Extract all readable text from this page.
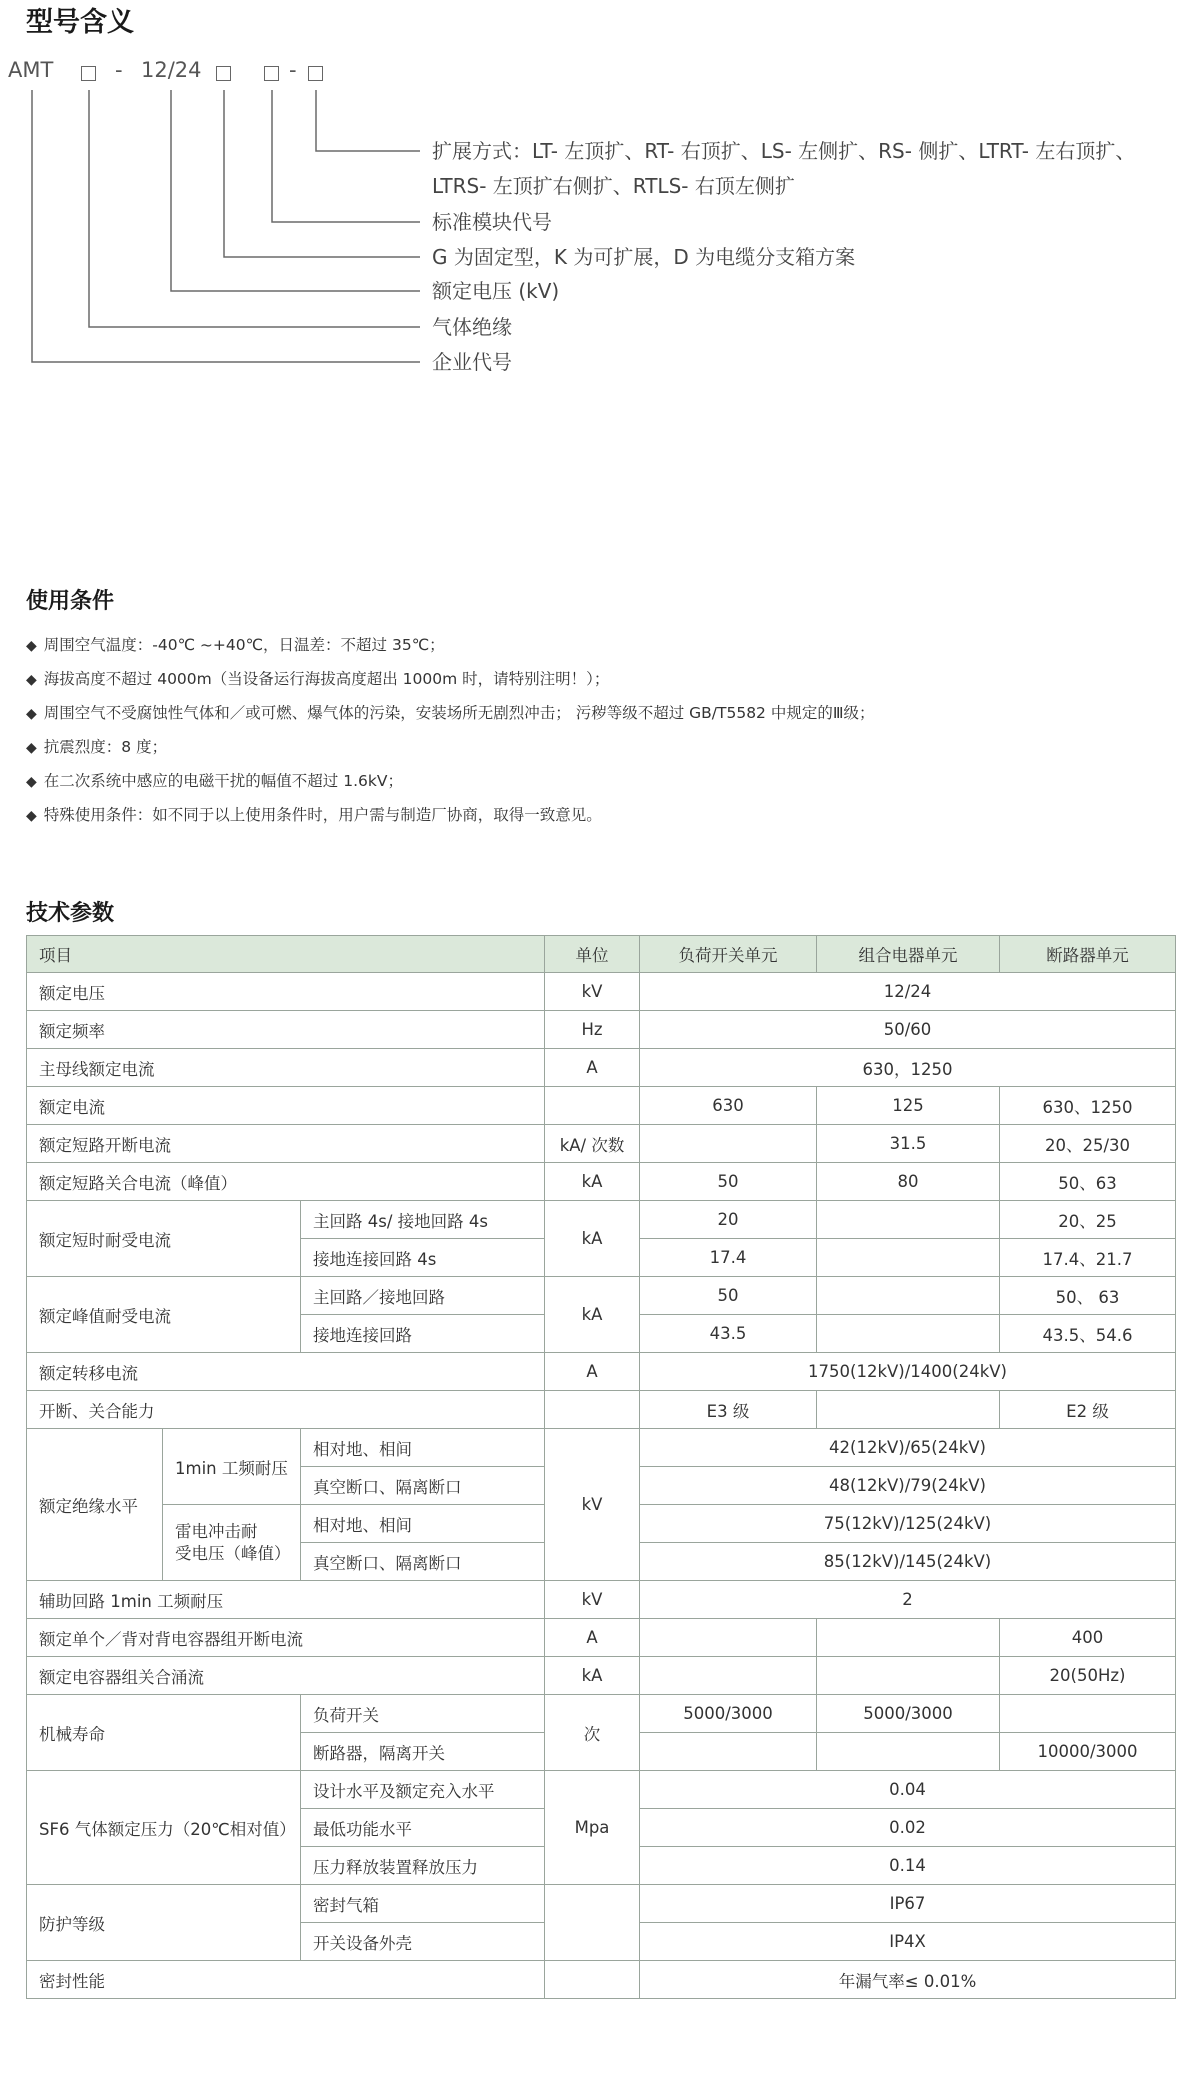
型号含义
AMT	- 12/24	-
扩展方式：LT- 左顶扩、RT- 右顶扩、LS- 左侧扩、RS- 侧扩、LTRT- 左右顶扩、
LTRS- 左顶扩右侧扩、RTLS- 右顶左侧扩
标准模块代号
G 为固定型，K 为可扩展，D 为电缆分支箱方案
额定电压 (kV)
气体绝缘
企业代号
使用条件
◆ 周围空气温度：-40℃ ~+40℃，日温差：不超过 35℃；
◆ 海拔高度不超过 4000m（当设备运行海拔高度超出 1000m 时，请特别注明！）；
◆ 周围空气不受腐蚀性气体和／或可燃、爆气体的污染，安装场所无剧烈冲击； 污秽等级不超过 GB/T5582 中规定的Ⅲ级；
◆ 抗震烈度：8 度；
◆ 在二次系统中感应的电磁干扰的幅值不超过 1.6kV；
◆ 特殊使用条件：如不同于以上使用条件时，用户需与制造厂协商，取得一致意见。
技术参数
项目			单位	负荷开关单元	组合电器单元	断路器单元
额定电压			kV	12/24		
额定频率			Hz	50/60		
主母线额定电流			A	630，1250		
额定电流				630	125	630、1250
额定短路开断电流			kA/ 次数		31.5	20、25/30
额定短路关合电流（峰值）			kA	50	80	50、63
额定短时耐受电流		主回路 4s/ 接地回路 4s	kA	20		20、25
		接地连接回路 4s		17.4		17.4、21.7
额定峰值耐受电流		主回路／接地回路	kA	50		50、 63
		接地连接回路		43.5		43.5、54.6
额定转移电流			A	1750(12kV)/1400(24kV)		
开断、关合能力				E3 级		E2 级
额定绝缘水平	1min 工频耐压	相对地、相间	kV	42(12kV)/65(24kV)		
		真空断口、隔离断口		48(12kV)/79(24kV)		
	雷电冲击耐
受电压（峰值）	相对地、相间		75(12kV)/125(24kV)		
		真空断口、隔离断口		85(12kV)/145(24kV)		
辅助回路 1min 工频耐压			kV	2		
额定单个／背对背电容器组开断电流			A			400
额定电容器组关合涌流			kA			20(50Hz)
机械寿命		负荷开关	次	5000/3000	5000/3000	
		断路器，隔离开关				10000/3000
SF6 气体额定压力（20℃相对值）		设计水平及额定充入水平	Mpa	0.04		
		最低功能水平		0.02		
		压力释放装置释放压力		0.14		
防护等级		密封气箱		IP67		
		开关设备外壳		IP4X		
密封性能				年漏气率≤ 0.01%		
